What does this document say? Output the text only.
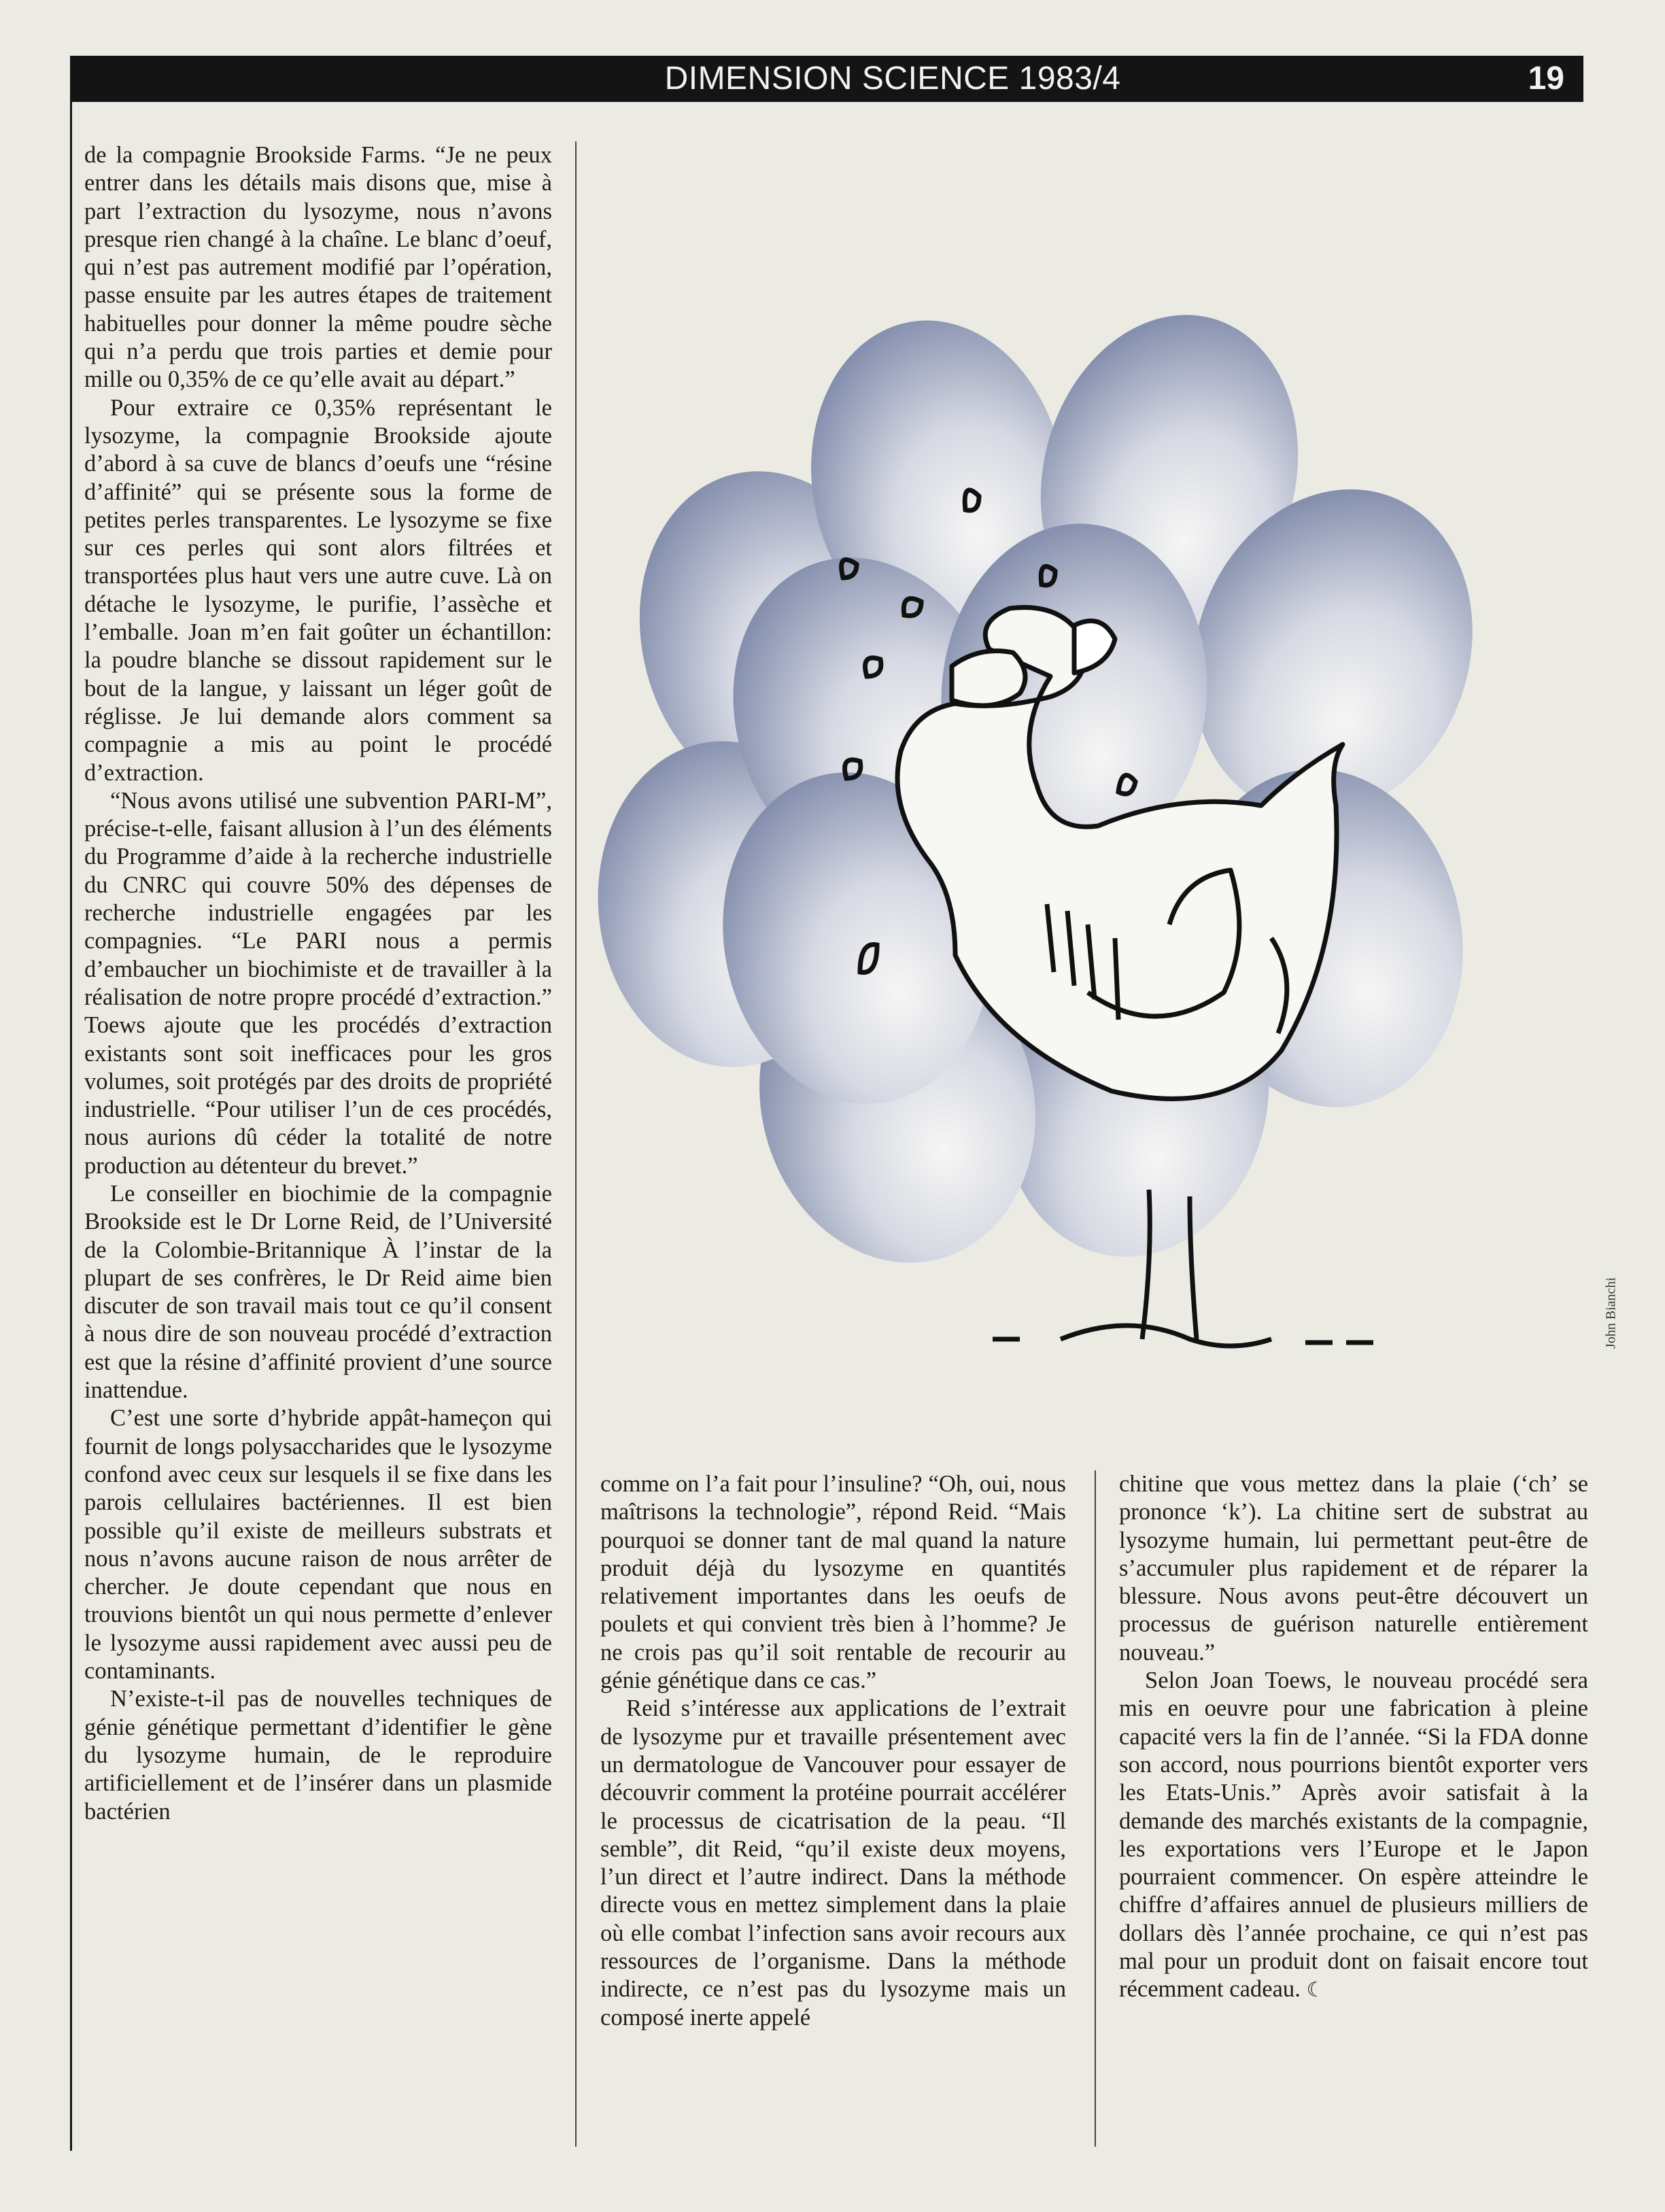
DIMENSION SCIENCE 1983/4	19

de la compagnie Brookside Farms. “Je ne peux entrer dans les détails mais disons que, mise à part l’extraction du lysozyme, nous n’avons presque rien changé à la chaîne. Le blanc d’oeuf, qui n’est pas autrement modifié par l’opération, passe ensuite par les autres étapes de traitement habituelles pour donner la même poudre sèche qui n’a perdu que trois parties et demie pour mille ou 0,35% de ce qu’elle avait au départ.”

Pour extraire ce 0,35% représentant le lysozyme, la compagnie Brookside ajoute d’abord à sa cuve de blancs d’oeufs une “résine d’affinité” qui se présente sous la forme de petites perles transparentes. Le lysozyme se fixe sur ces perles qui sont alors filtrées et transportées plus haut vers une autre cuve. Là on détache le lysozyme, le purifie, l’assèche et l’emballe. Joan m’en fait goûter un échantillon: la poudre blanche se dissout rapidement sur le bout de la langue, y laissant un léger goût de réglisse. Je lui demande alors comment sa compagnie a mis au point le procédé d’extraction.

“Nous avons utilisé une subvention PARI-M”, précise-t-elle, faisant allusion à l’un des éléments du Programme d’aide à la recherche industrielle du CNRC qui couvre 50% des dépenses de recherche industrielle engagées par les compagnies. “Le PARI nous a permis d’embaucher un biochimiste et de travailler à la réalisation de notre propre procédé d’extraction.” Toews ajoute que les procédés d’extraction existants sont soit inefficaces pour les gros volumes, soit protégés par des droits de propriété industrielle. “Pour utiliser l’un de ces procédés, nous aurions dû céder la totalité de notre production au détenteur du brevet.”

Le conseiller en biochimie de la compagnie Brookside est le Dr Lorne Reid, de l’Université de la Colombie-Britannique À l’instar de la plupart de ses confrères, le Dr Reid aime bien discuter de son travail mais tout ce qu’il consent à nous dire de son nouveau procédé d’extraction est que la résine d’affinité provient d’une source inattendue.

C’est une sorte d’hybride appât-hameçon qui fournit de longs polysaccharides que le lysozyme confond avec ceux sur lesquels il se fixe dans les parois cellulaires bactériennes. Il est bien possible qu’il existe de meilleurs substrats et nous n’avons aucune raison de nous arrêter de chercher. Je doute cependant que nous en trouvions bientôt un qui nous permette d’enlever le lysozyme aussi rapidement avec aussi peu de contaminants.

N’existe-t-il pas de nouvelles techniques de génie génétique permettant d’identifier le gène du lysozyme humain, de le reproduire artificiellement et de l’insérer dans un plasmide bactérien

John Bianchi

comme on l’a fait pour l’insuline? “Oh, oui, nous maîtrisons la technologie”, répond Reid. “Mais pourquoi se donner tant de mal quand la nature produit déjà du lysozyme en quantités relativement importantes dans les oeufs de poulets et qui convient très bien à l’homme? Je ne crois pas qu’il soit rentable de recourir au génie génétique dans ce cas.”

Reid s’intéresse aux applications de l’extrait de lysozyme pur et travaille présentement avec un dermatologue de Vancouver pour essayer de découvrir comment la protéine pourrait accélérer le processus de cicatrisation de la peau. “Il semble”, dit Reid, “qu’il existe deux moyens, l’un direct et l’autre indirect. Dans la méthode directe vous en mettez simplement dans la plaie où elle combat l’infection sans avoir recours aux ressources de l’organisme. Dans la méthode indirecte, ce n’est pas du lysozyme mais un composé inerte appelé

chitine que vous mettez dans la plaie (‘ch’ se prononce ‘k’). La chitine sert de substrat au lysozyme humain, lui permettant peut-être de s’accumuler plus rapidement et de réparer la blessure. Nous avons peut-être découvert un processus de guérison naturelle entièrement nouveau.”

Selon Joan Toews, le nouveau procédé sera mis en oeuvre pour une fabrication à pleine capacité vers la fin de l’année. “Si la FDA donne son accord, nous pourrions bientôt exporter vers les Etats-Unis.” Après avoir satisfait à la demande des marchés existants de la compagnie, les exportations vers l’Europe et le Japon pourraient commencer. On espère atteindre le chiffre d’affaires annuel de plusieurs milliers de dollars dès l’année prochaine, ce qui n’est pas mal pour un produit dont on faisait encore tout récemment cadeau. ☾
